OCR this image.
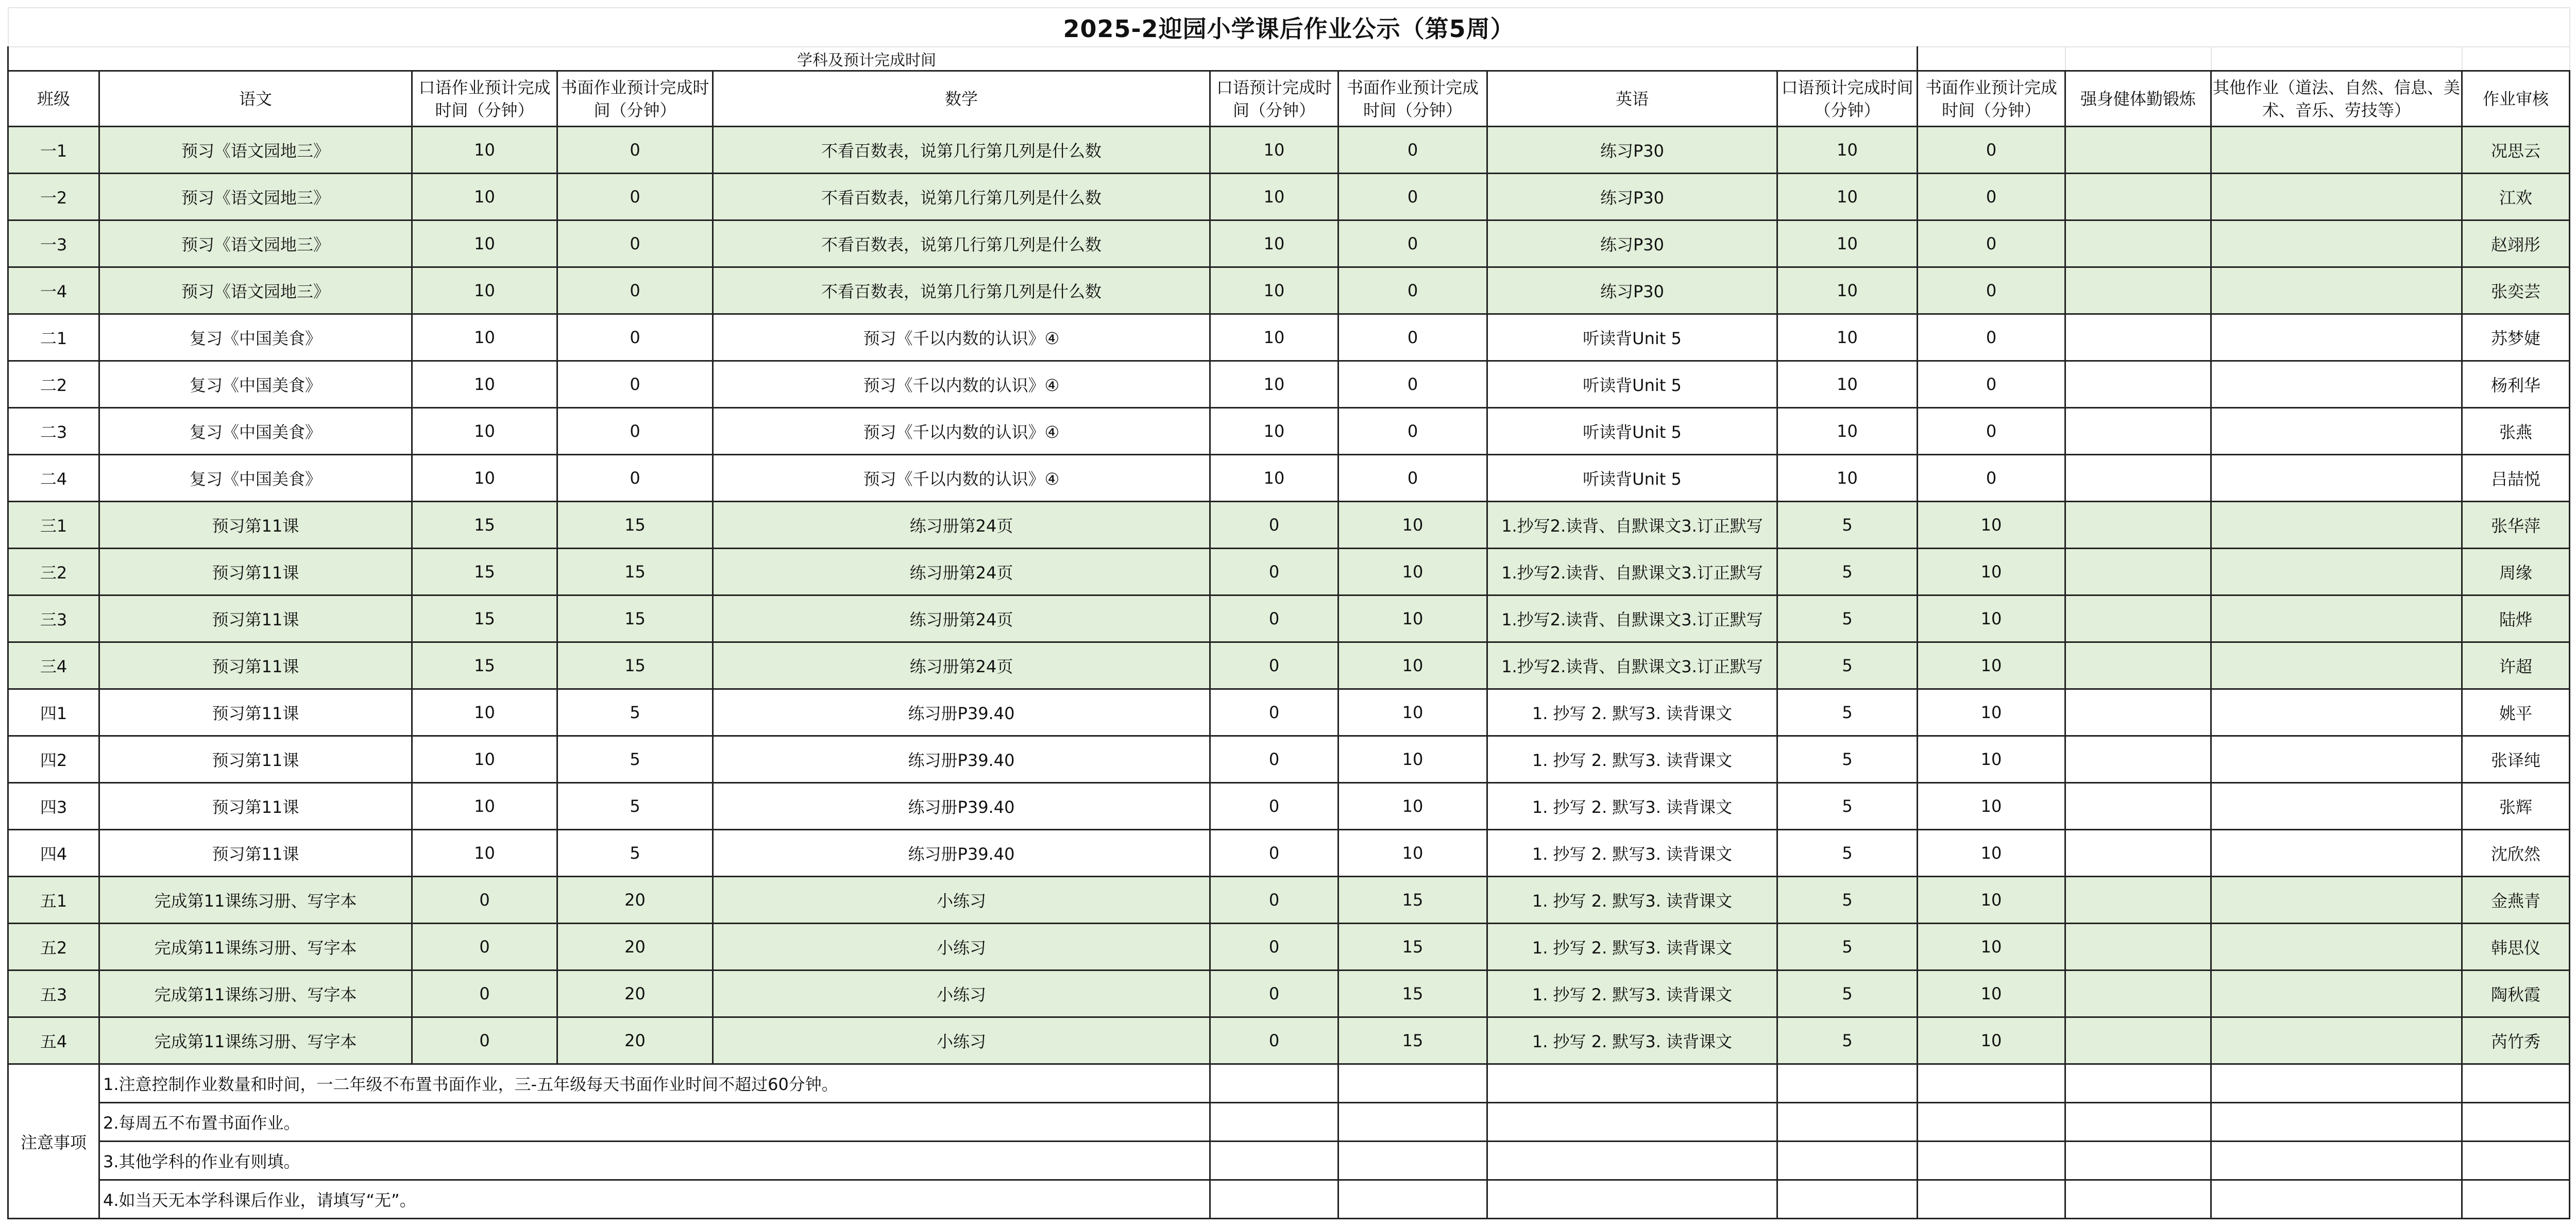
2025-2迎园小学课后作业公示（第5周）												
学科及预计完成时间												
班级	语文	口语作业预计完成时间（分钟）	书面作业预计完成时间（分钟）	数学	口语预计完成时间（分钟）	书面作业预计完成时间（分钟）	英语	口语预计完成时间（分钟）	书面作业预计完成时间（分钟）	强身健体勤锻炼	其他作业（道法、自然、信息、美术、音乐、劳技等）	作业审核
一1	预习《语文园地三》	10	0	不看百数表，说第几行第几列是什么数	10	0	练习P30	10	0			况思云
一2	预习《语文园地三》	10	0	不看百数表，说第几行第几列是什么数	10	0	练习P30	10	0			江欢
一3	预习《语文园地三》	10	0	不看百数表，说第几行第几列是什么数	10	0	练习P30	10	0			赵翊彤
一4	预习《语文园地三》	10	0	不看百数表，说第几行第几列是什么数	10	0	练习P30	10	0			张奕芸
二1	复习《中国美食》	10	0	预习《千以内数的认识》④	10	0	听读背Unit 5	10	0			苏梦婕
二2	复习《中国美食》	10	0	预习《千以内数的认识》④	10	0	听读背Unit 5	10	0			杨利华
二3	复习《中国美食》	10	0	预习《千以内数的认识》④	10	0	听读背Unit 5	10	0			张燕
二4	复习《中国美食》	10	0	预习《千以内数的认识》④	10	0	听读背Unit 5	10	0			吕喆悦
三1	预习第11课	15	15	练习册第24页	0	10	1.抄写2.读背、自默课文3.订正默写	5	10			张华萍
三2	预习第11课	15	15	练习册第24页	0	10	1.抄写2.读背、自默课文3.订正默写	5	10			周缘
三3	预习第11课	15	15	练习册第24页	0	10	1.抄写2.读背、自默课文3.订正默写	5	10			陆烨
三4	预习第11课	15	15	练习册第24页	0	10	1.抄写2.读背、自默课文3.订正默写	5	10			许超
四1	预习第11课	10	5	练习册P39.40	0	10	1. 抄写 2. 默写3. 读背课文	5	10			姚平
四2	预习第11课	10	5	练习册P39.40	0	10	1. 抄写 2. 默写3. 读背课文	5	10			张译纯
四3	预习第11课	10	5	练习册P39.40	0	10	1. 抄写 2. 默写3. 读背课文	5	10			张辉
四4	预习第11课	10	5	练习册P39.40	0	10	1. 抄写 2. 默写3. 读背课文	5	10			沈欣然
五1	完成第11课练习册、写字本	0	20	小练习	0	15	1. 抄写 2. 默写3. 读背课文	5	10			金燕青
五2	完成第11课练习册、写字本	0	20	小练习	0	15	1. 抄写 2. 默写3. 读背课文	5	10			韩思仪
五3	完成第11课练习册、写字本	0	20	小练习	0	15	1. 抄写 2. 默写3. 读背课文	5	10			陶秋霞
五4	完成第11课练习册、写字本	0	20	小练习	0	15	1. 抄写 2. 默写3. 读背课文	5	10			芮竹秀
注意事项	1.注意控制作业数量和时间，一二年级不布置书面作业，三-五年级每天书面作业时间不超过60分钟。											
	2.每周五不布置书面作业。											
	3.其他学科的作业有则填。											
	4.如当天无本学科课后作业，请填写“无”。											
